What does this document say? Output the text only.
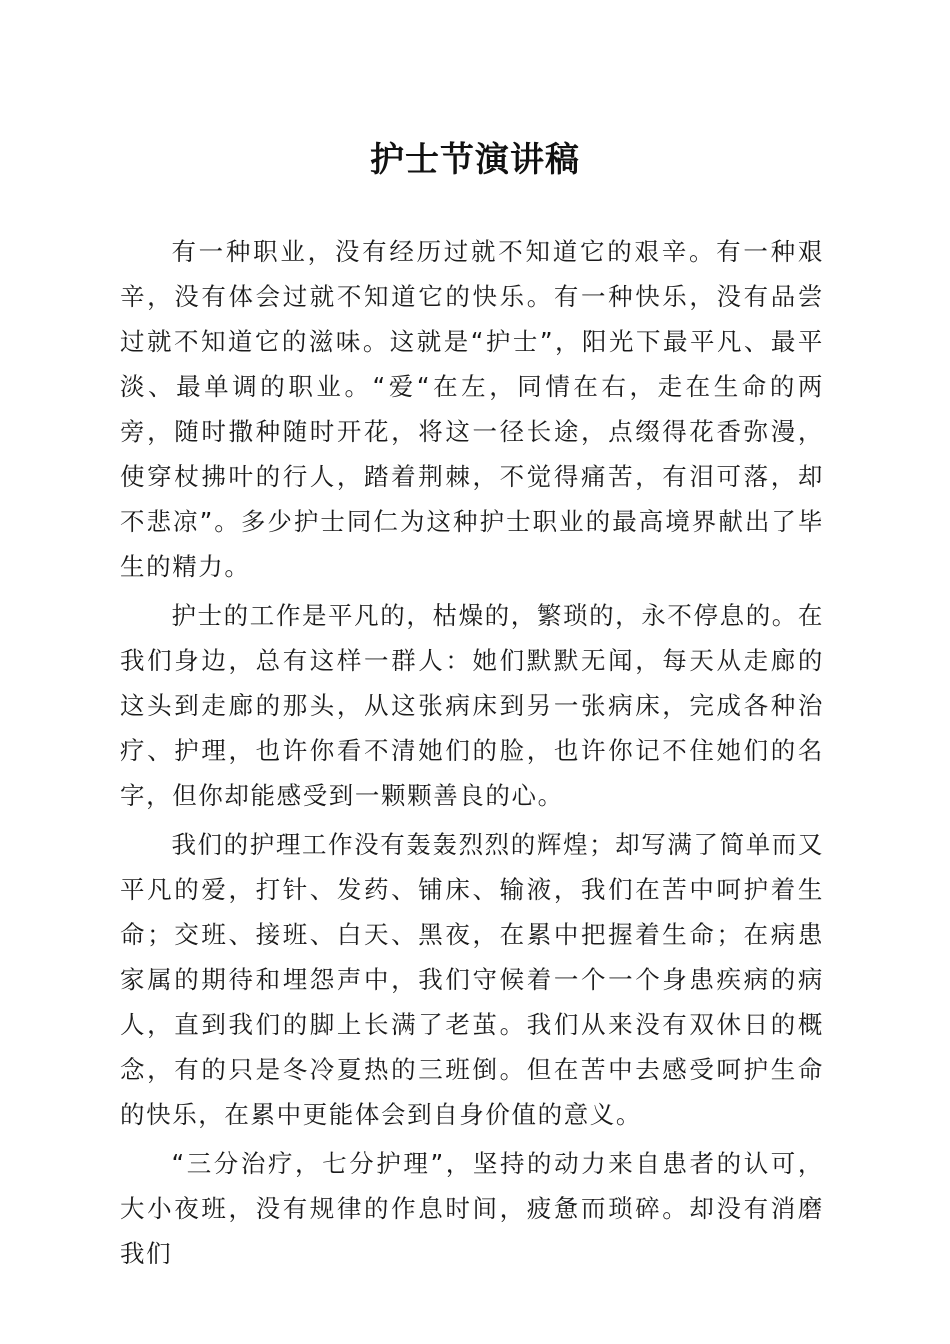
护士节演讲稿

有一种职业，没有经历过就不知道它的艰辛。有一种艰辛，没有体会过就不知道它的快乐。有一种快乐，没有品尝过就不知道它的滋味。这就是“护士”，阳光下最平凡、最平淡、最单调的职业。“爱“在左，同情在右，走在生命的两旁，随时撒种随时开花，将这一径长途，点缀得花香弥漫，使穿杖拂叶的行人，踏着荆棘，不觉得痛苦，有泪可落，却不悲凉”。多少护士同仁为这种护士职业的最高境界献出了毕生的精力。

护士的工作是平凡的，枯燥的，繁琐的，永不停息的。在我们身边，总有这样一群人：她们默默无闻，每天从走廊的这头到走廊的那头，从这张病床到另一张病床，完成各种治疗、护理，也许你看不清她们的脸，也许你记不住她们的名字，但你却能感受到一颗颗善良的心。

我们的护理工作没有轰轰烈烈的辉煌；却写满了简单而又平凡的爱，打针、发药、铺床、输液，我们在苦中呵护着生命；交班、接班、白天、黑夜，在累中把握着生命；在病患家属的期待和埋怨声中，我们守候着一个一个身患疾病的病人，直到我们的脚上长满了老茧。我们从来没有双休日的概念，有的只是冬冷夏热的三班倒。但在苦中去感受呵护生命的快乐，在累中更能体会到自身价值的意义。

“三分治疗，七分护理”，坚持的动力来自患者的认可，大小夜班，没有规律的作息时间，疲惫而琐碎。却没有消磨我们
